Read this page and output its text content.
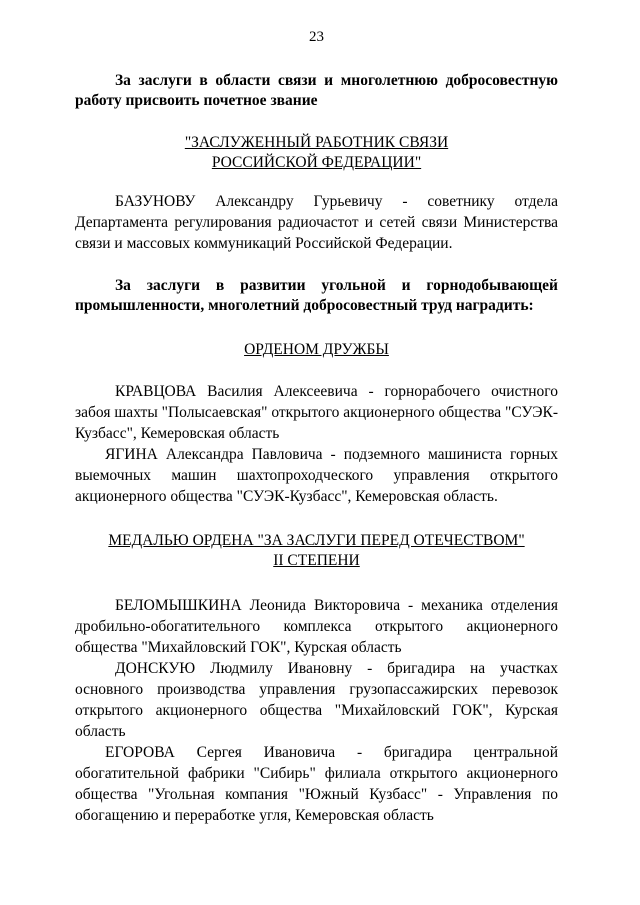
23

За заслуги в области связи и многолетнюю добросовестную работу присвоить почетное звание

"ЗАСЛУЖЕННЫЙ РАБОТНИК СВЯЗИ

РОССИЙСКОЙ ФЕДЕРАЦИИ"

БАЗУНОВУ Александру Гурьевичу - советнику отдела Департамента регулирования радиочастот и сетей связи Министерства связи и массовых коммуникаций Российской Федерации.

За заслуги в развитии угольной и горнодобывающей промышленности, многолетний добросовестный труд наградить:

ОРДЕНОМ ДРУЖБЫ

КРАВЦОВА Василия Алексеевича - горнорабочего очистного забоя шахты "Полысаевская" открытого акционерного общества "СУЭК-Кузбасс", Кемеровская область

ЯГИНА Александра Павловича - подземного машиниста горных выемочных машин шахтопроходческого управления открытого акционерного общества "СУЭК-Кузбасс", Кемеровская область.

МЕДАЛЬЮ ОРДЕНА "ЗА ЗАСЛУГИ ПЕРЕД ОТЕЧЕСТВОМ"

II СТЕПЕНИ

БЕЛОМЫШКИНА Леонида Викторовича - механика отделения дробильно-обогатительного комплекса открытого акционерного общества "Михайловский ГОК", Курская область

ДОНСКУЮ Людмилу Ивановну - бригадира на участках основного производства управления грузопассажирских перевозок открытого акционерного общества "Михайловский ГОК", Курская область

ЕГОРОВА Сергея Ивановича - бригадира центральной обогатительной фабрики "Сибирь" филиала открытого акционерного общества "Угольная компания "Южный Кузбасс" - Управления по обогащению и переработке угля, Кемеровская область
